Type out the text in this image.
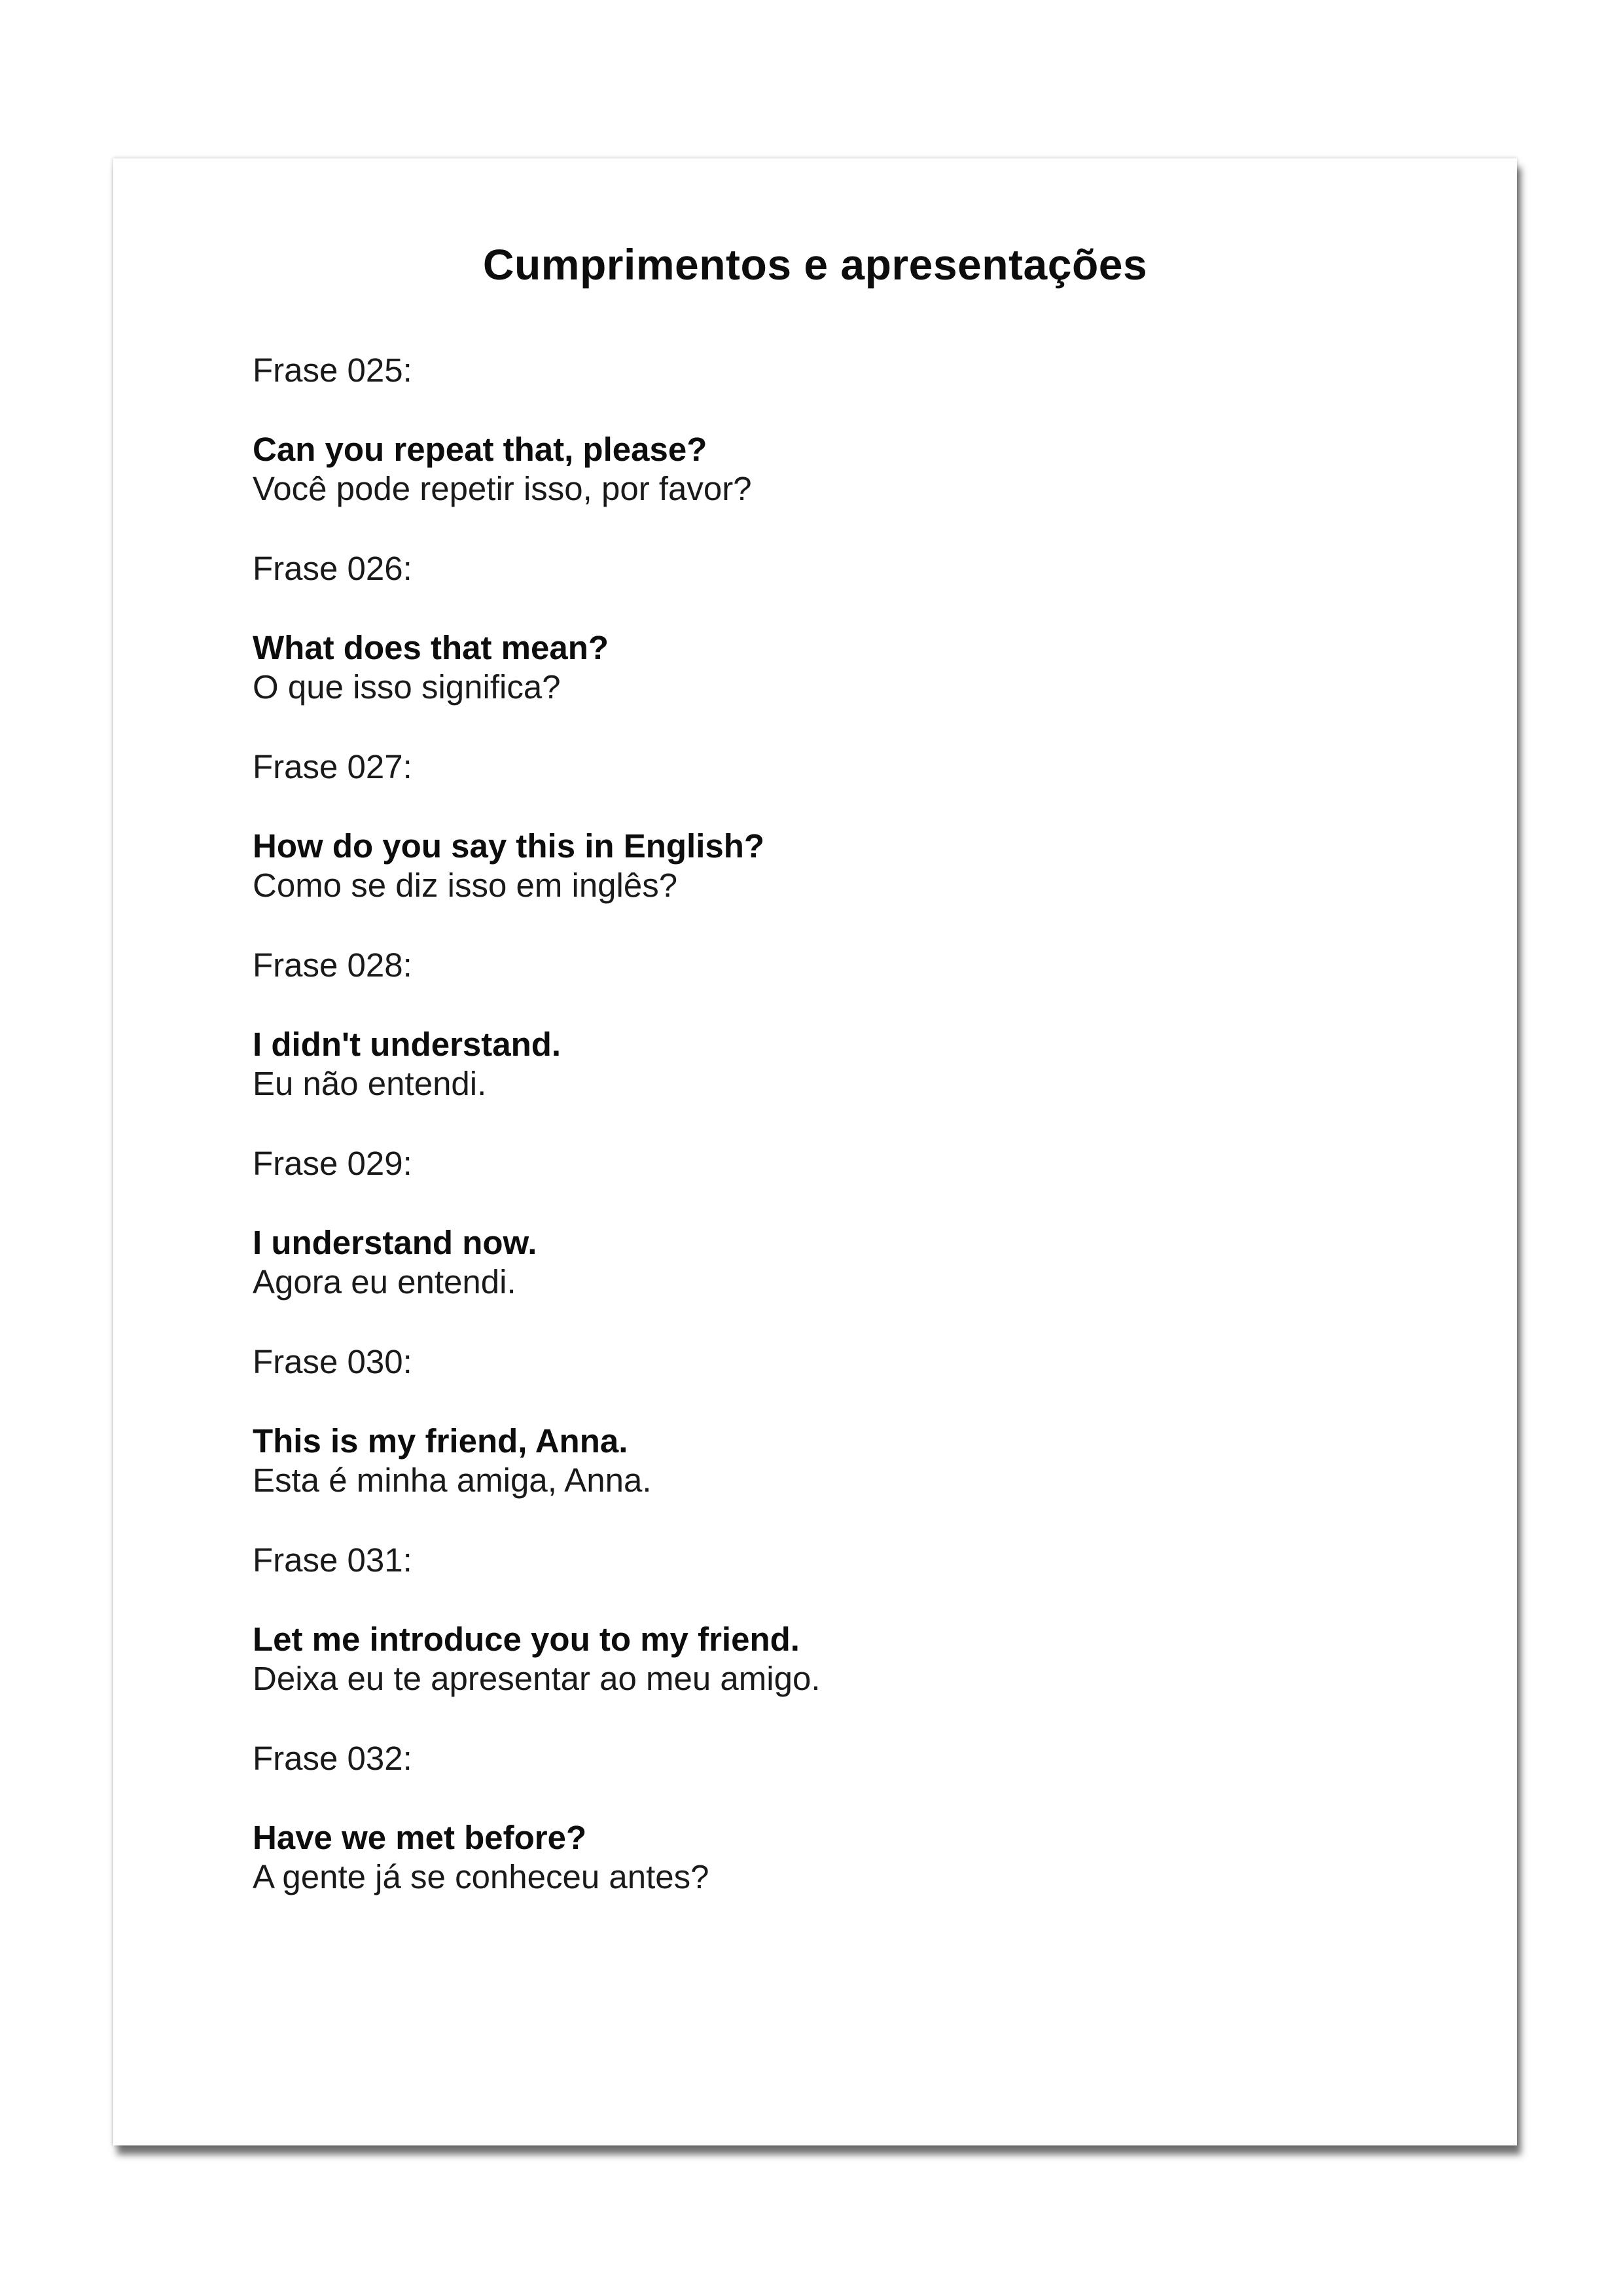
Cumprimentos e apresentações
Frase 025:
Can you repeat that, please?
Você pode repetir isso, por favor?
Frase 026:
What does that mean?
O que isso significa?
Frase 027:
How do you say this in English?
Como se diz isso em inglês?
Frase 028:
I didn't understand.
Eu não entendi.
Frase 029:
I understand now.
Agora eu entendi.
Frase 030:
This is my friend, Anna.
Esta é minha amiga, Anna.
Frase 031:
Let me introduce you to my friend.
Deixa eu te apresentar ao meu amigo.
Frase 032:
Have we met before?
A gente já se conheceu antes?
